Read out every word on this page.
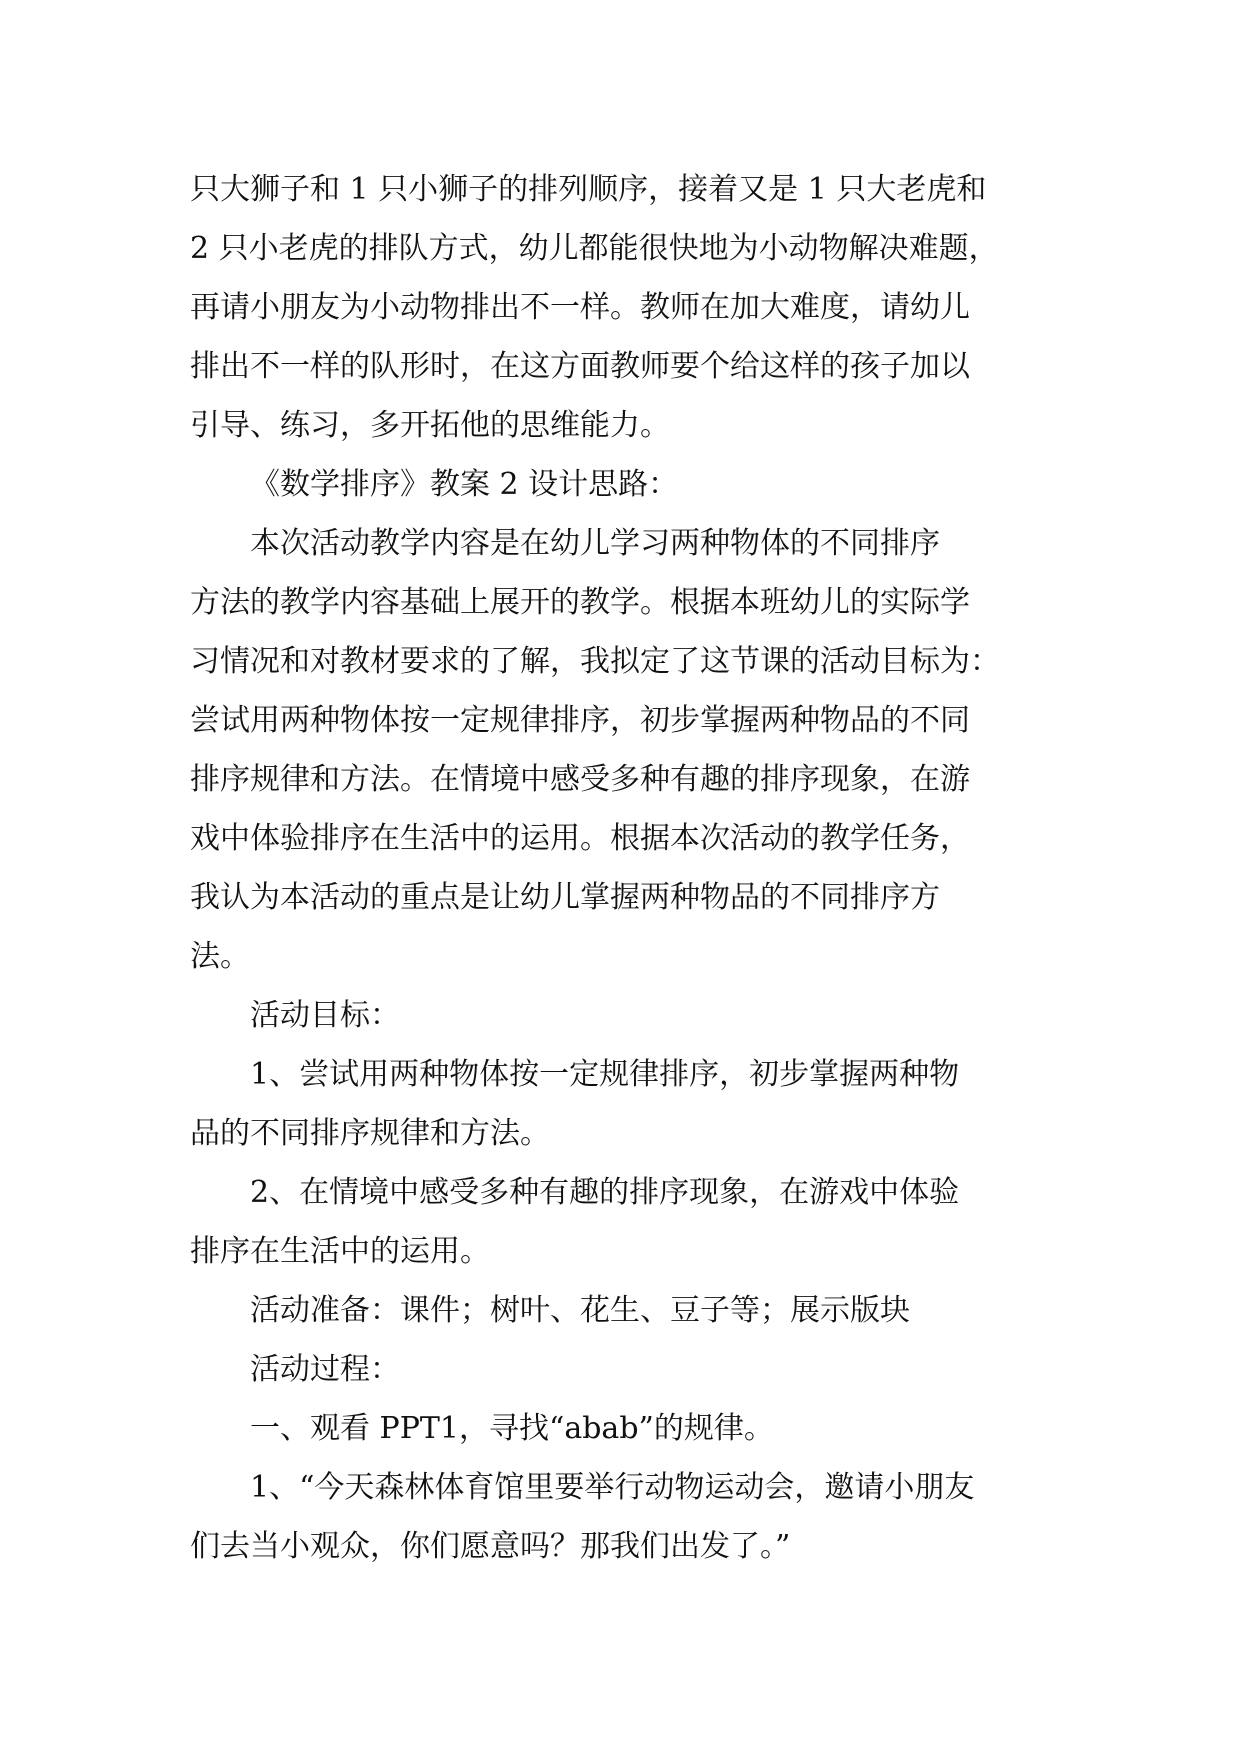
只大狮子和 1 只小狮子的排列顺序，接着又是 1 只大老虎和

2 只小老虎的排队方式，幼儿都能很快地为小动物解决难题，

再请小朋友为小动物排出不一样。教师在加大难度，请幼儿

排出不一样的队形时，在这方面教师要个给这样的孩子加以

引导、练习，多开拓他的思维能力。

《数学排序》教案 2 设计思路：

本次活动教学内容是在幼儿学习两种物体的不同排序

方法的教学内容基础上展开的教学。根据本班幼儿的实际学

习情况和对教材要求的了解，我拟定了这节课的活动目标为：

尝试用两种物体按一定规律排序，初步掌握两种物品的不同

排序规律和方法。在情境中感受多种有趣的排序现象，在游

戏中体验排序在生活中的运用。根据本次活动的教学任务，

我认为本活动的重点是让幼儿掌握两种物品的不同排序方

法。

活动目标：

1、尝试用两种物体按一定规律排序，初步掌握两种物

品的不同排序规律和方法。

2、在情境中感受多种有趣的排序现象，在游戏中体验

排序在生活中的运用。

活动准备：课件；树叶、花生、豆子等；展示版块

活动过程：

一、观看 PPT1，寻找“abab”的规律。

1、“今天森林体育馆里要举行动物运动会，邀请小朋友

们去当小观众，你们愿意吗？那我们出发了。”
